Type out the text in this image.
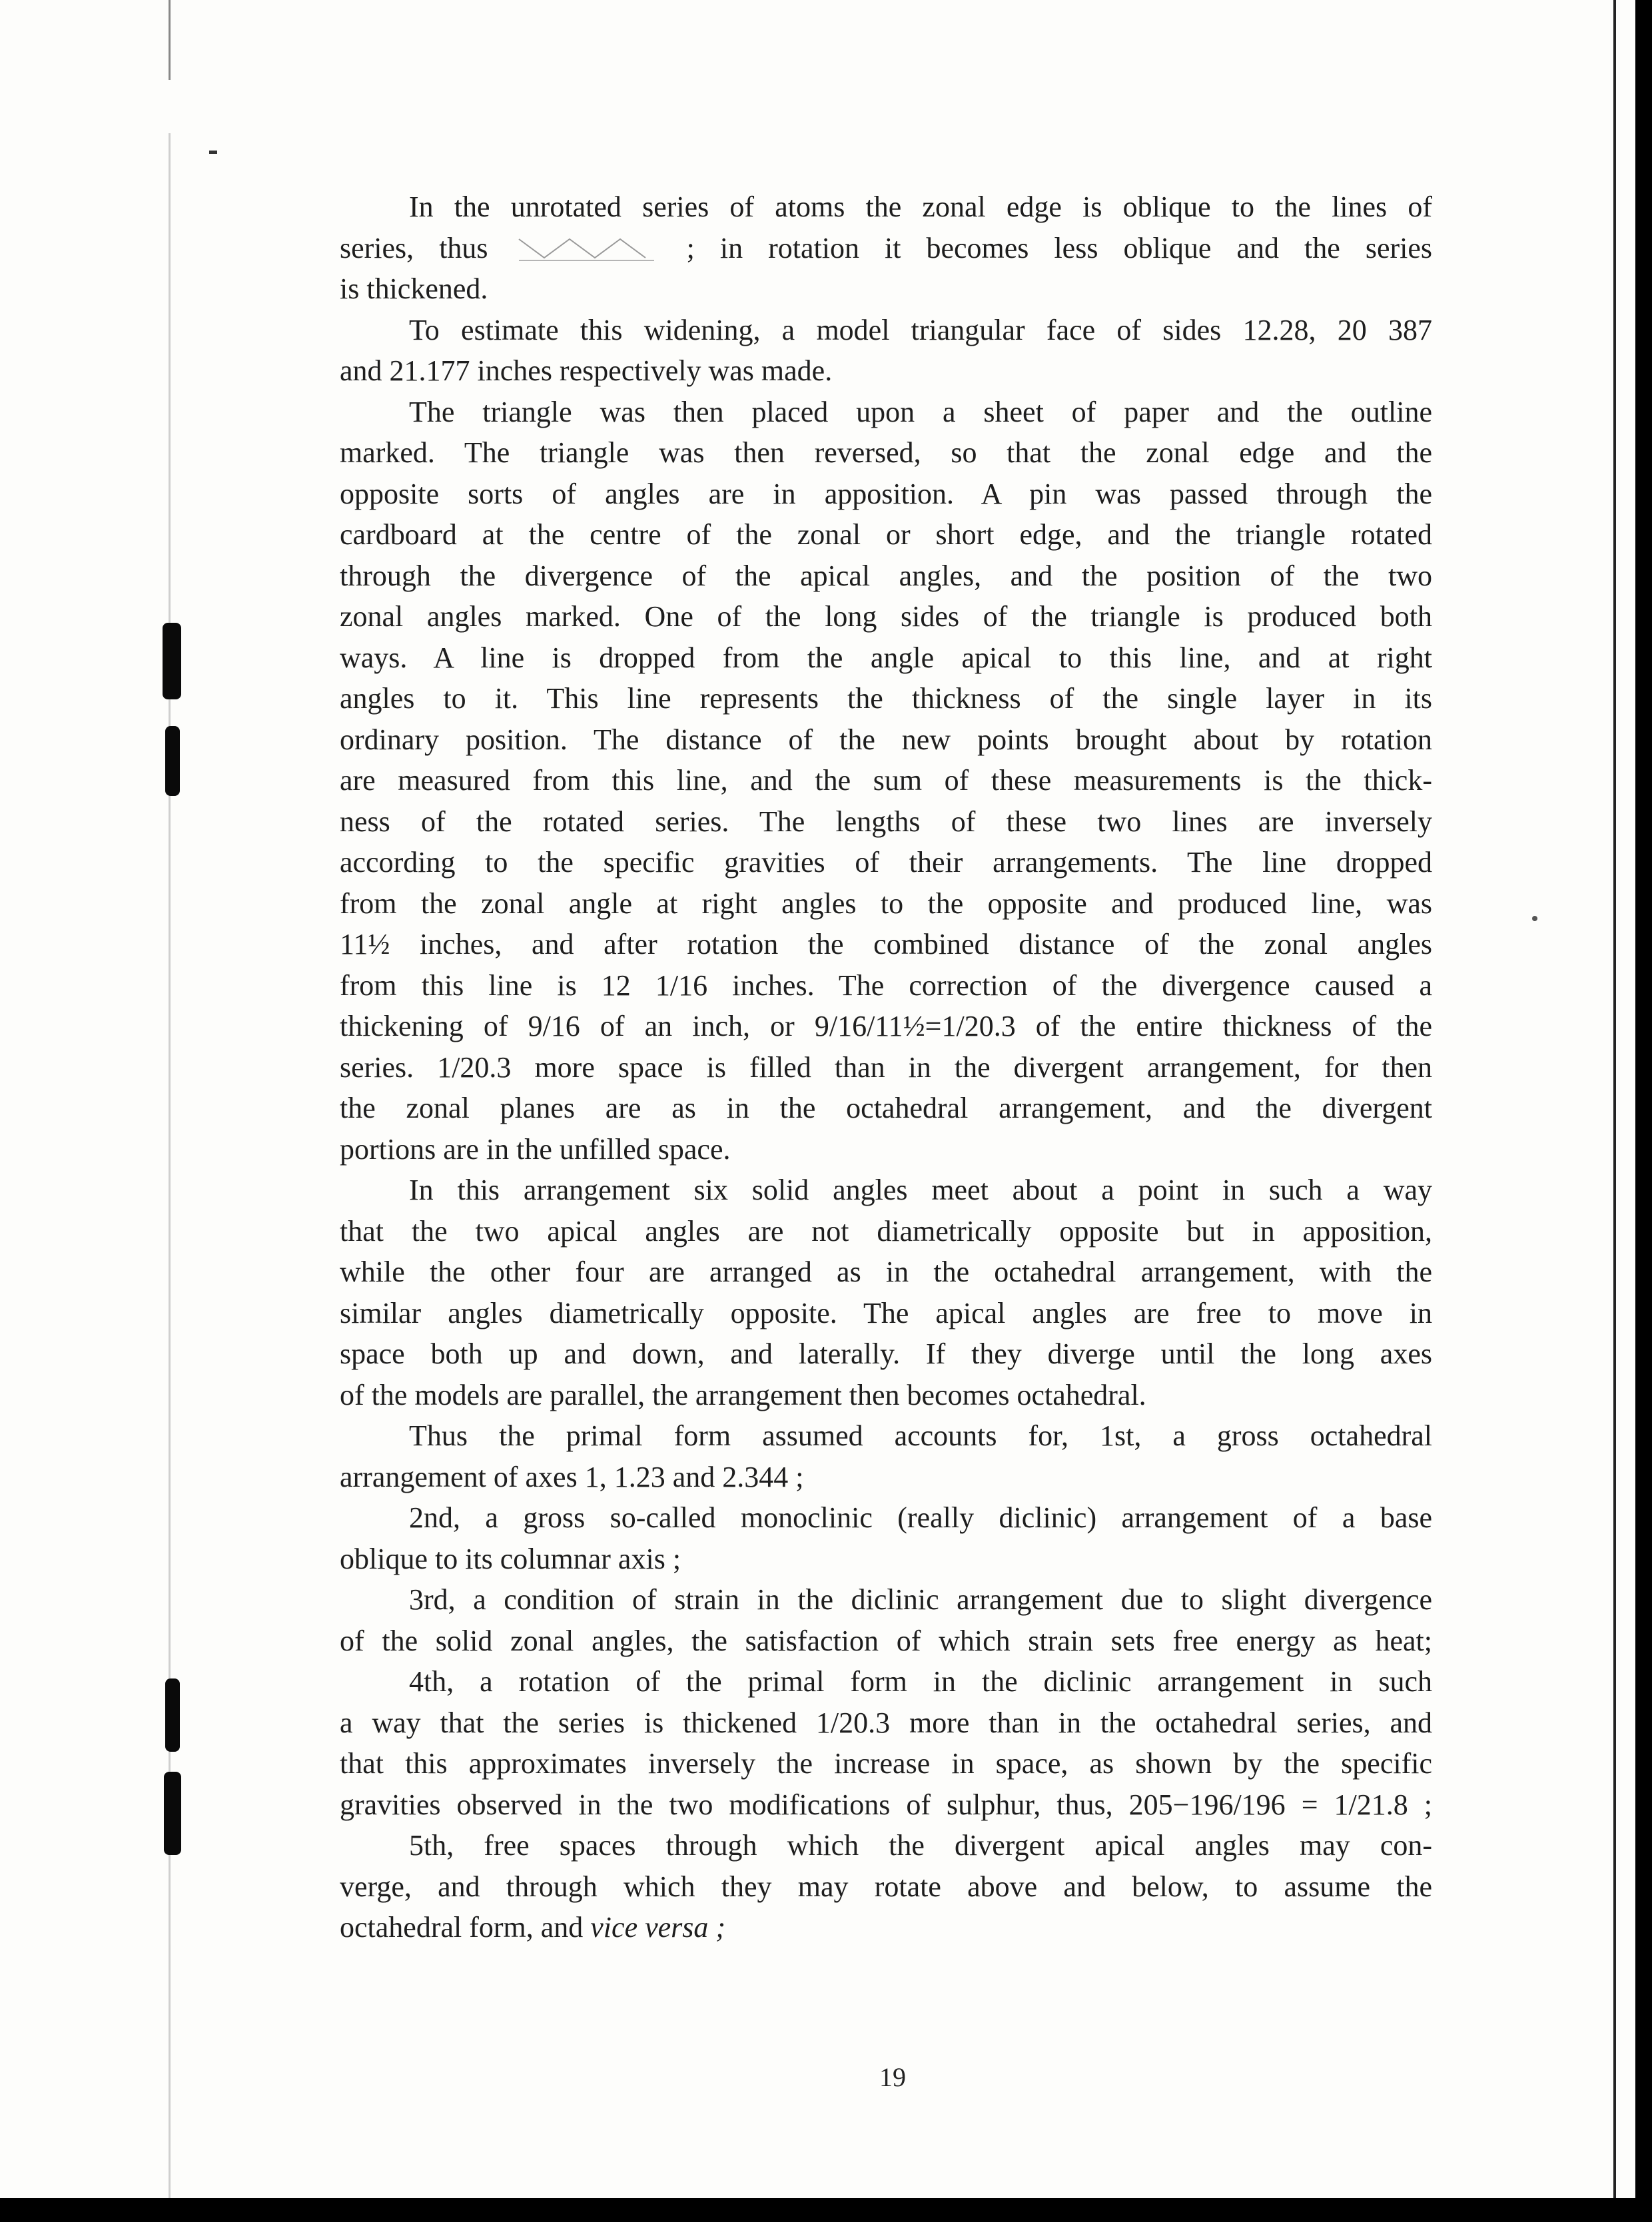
In the unrotated series of atoms the zonal edge is oblique to the lines of
series, thus	; in rotation it becomes less oblique and the series
is thickened.
To estimate this widening, a model triangular face of sides 12.28, 20 387
and 21.177 inches respectively was made.
The triangle was then placed upon a sheet of paper and the outline
marked. The triangle was then reversed, so that the zonal edge and the
opposite sorts of angles are in apposition. A pin was passed through the
cardboard at the centre of the zonal or short edge, and the triangle rotated
through the divergence of the apical angles, and the position of the two
zonal angles marked. One of the long sides of the triangle is produced both
ways. A line is dropped from the angle apical to this line, and at right
angles to it. This line represents the thickness of the single layer in its
ordinary position. The distance of the new points brought about by rotation
are measured from this line, and the sum of these measurements is the thick-
ness of the rotated series. The lengths of these two lines are inversely
according to the specific gravities of their arrangements. The line dropped
from the zonal angle at right angles to the opposite and produced line, was
11½ inches, and after rotation the combined distance of the zonal angles
from this line is 12 1/16 inches. The correction of the divergence caused a
thickening of 9/16 of an inch, or 9/16/11½=1/20.3 of the entire thickness of the
series. 1/20.3 more space is filled than in the divergent arrangement, for then
the zonal planes are as in the octahedral arrangement, and the divergent
portions are in the unfilled space.
In this arrangement six solid angles meet about a point in such a way
that the two apical angles are not diametrically opposite but in apposition,
while the other four are arranged as in the octahedral arrangement, with the
similar angles diametrically opposite. The apical angles are free to move in
space both up and down, and laterally. If they diverge until the long axes
of the models are parallel, the arrangement then becomes octahedral.
Thus the primal form assumed accounts for, 1st, a gross octahedral
arrangement of axes 1, 1.23 and 2.344 ;
2nd, a gross so-called monoclinic (really diclinic) arrangement of a base
oblique to its columnar axis ;
3rd, a condition of strain in the diclinic arrangement due to slight divergence
of the solid zonal angles, the satisfaction of which strain sets free energy as heat;
4th, a rotation of the primal form in the diclinic arrangement in such
a way that the series is thickened 1/20.3 more than in the octahedral series, and
that this approximates inversely the increase in space, as shown by the specific
gravities observed in the two modifications of sulphur, thus, 205−196/196 = 1/21.8 ;
5th, free spaces through which the divergent apical angles may con-
verge, and through which they may rotate above and below, to assume the
octahedral form, and vice versa ;
19
